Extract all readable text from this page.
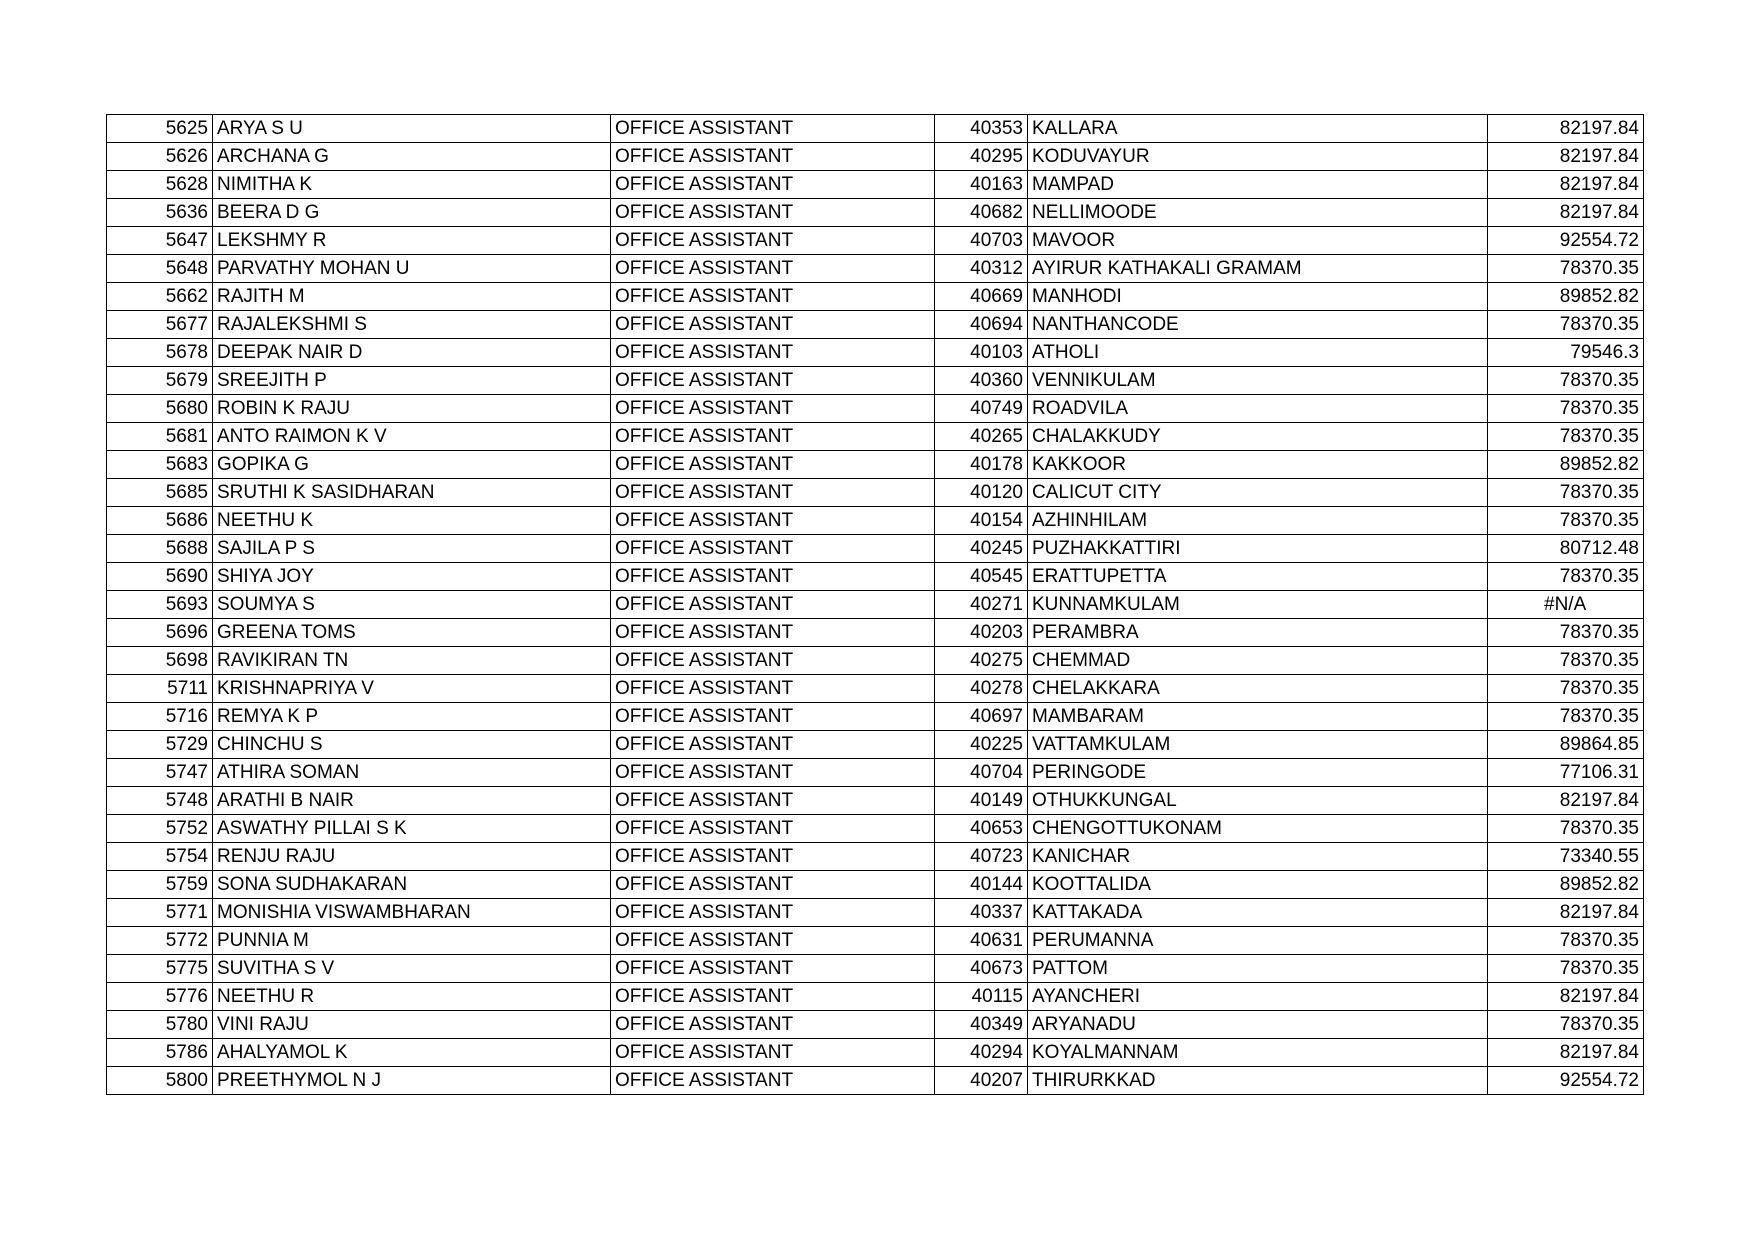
5625	ARYA S U	OFFICE ASSISTANT	40353	KALLARA	82197.84
5626	ARCHANA G	OFFICE ASSISTANT	40295	KODUVAYUR	82197.84
5628	NIMITHA K	OFFICE ASSISTANT	40163	MAMPAD	82197.84
5636	BEERA D G	OFFICE ASSISTANT	40682	NELLIMOODE	82197.84
5647	LEKSHMY R	OFFICE ASSISTANT	40703	MAVOOR	92554.72
5648	PARVATHY MOHAN U	OFFICE ASSISTANT	40312	AYIRUR KATHAKALI GRAMAM	78370.35
5662	RAJITH M	OFFICE ASSISTANT	40669	MANHODI	89852.82
5677	RAJALEKSHMI S	OFFICE ASSISTANT	40694	NANTHANCODE	78370.35
5678	DEEPAK NAIR D	OFFICE ASSISTANT	40103	ATHOLI	79546.3
5679	SREEJITH P	OFFICE ASSISTANT	40360	VENNIKULAM	78370.35
5680	ROBIN K RAJU	OFFICE ASSISTANT	40749	ROADVILA	78370.35
5681	ANTO RAIMON K V	OFFICE ASSISTANT	40265	CHALAKKUDY	78370.35
5683	GOPIKA G	OFFICE ASSISTANT	40178	KAKKOOR	89852.82
5685	SRUTHI K SASIDHARAN	OFFICE ASSISTANT	40120	CALICUT CITY	78370.35
5686	NEETHU K	OFFICE ASSISTANT	40154	AZHINHILAM	78370.35
5688	SAJILA P S	OFFICE ASSISTANT	40245	PUZHAKKATTIRI	80712.48
5690	SHIYA JOY	OFFICE ASSISTANT	40545	ERATTUPETTA	78370.35
5693	SOUMYA S	OFFICE ASSISTANT	40271	KUNNAMKULAM	#N/A
5696	GREENA TOMS	OFFICE ASSISTANT	40203	PERAMBRA	78370.35
5698	RAVIKIRAN TN	OFFICE ASSISTANT	40275	CHEMMAD	78370.35
5711	KRISHNAPRIYA V	OFFICE ASSISTANT	40278	CHELAKKARA	78370.35
5716	REMYA K P	OFFICE ASSISTANT	40697	MAMBARAM	78370.35
5729	CHINCHU S	OFFICE ASSISTANT	40225	VATTAMKULAM	89864.85
5747	ATHIRA SOMAN	OFFICE ASSISTANT	40704	PERINGODE	77106.31
5748	ARATHI B NAIR	OFFICE ASSISTANT	40149	OTHUKKUNGAL	82197.84
5752	ASWATHY PILLAI S K	OFFICE ASSISTANT	40653	CHENGOTTUKONAM	78370.35
5754	RENJU RAJU	OFFICE ASSISTANT	40723	KANICHAR	73340.55
5759	SONA SUDHAKARAN	OFFICE ASSISTANT	40144	KOOTTALIDA	89852.82
5771	MONISHIA VISWAMBHARAN	OFFICE ASSISTANT	40337	KATTAKADA	82197.84
5772	PUNNIA M	OFFICE ASSISTANT	40631	PERUMANNA	78370.35
5775	SUVITHA S V	OFFICE ASSISTANT	40673	PATTOM	78370.35
5776	NEETHU R	OFFICE ASSISTANT	40115	AYANCHERI	82197.84
5780	VINI RAJU	OFFICE ASSISTANT	40349	ARYANADU	78370.35
5786	AHALYAMOL K	OFFICE ASSISTANT	40294	KOYALMANNAM	82197.84
5800	PREETHYMOL N J	OFFICE ASSISTANT	40207	THIRURKKAD	92554.72
